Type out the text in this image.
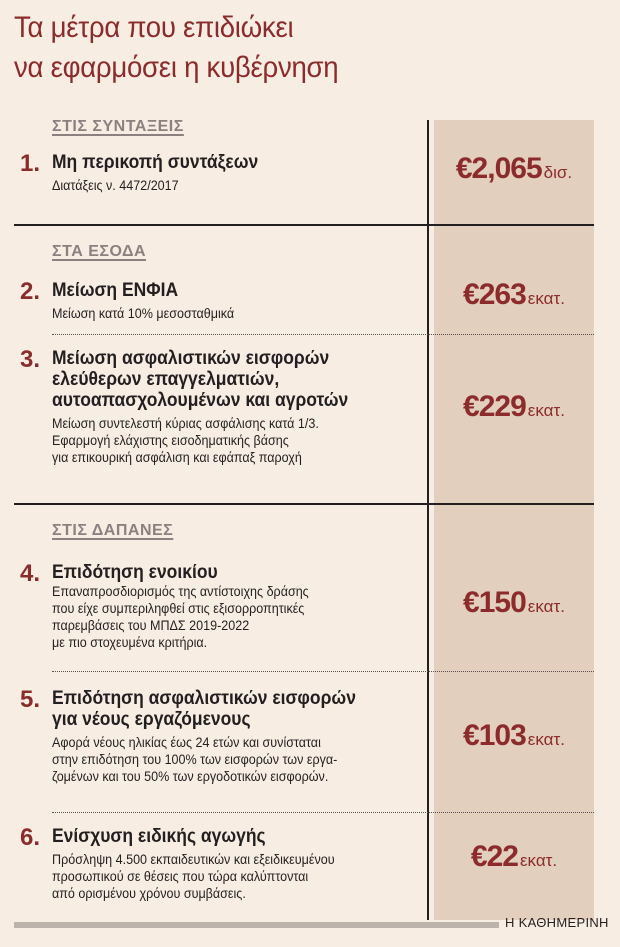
Τα μέτρα που επιδιώκει
να εφαρμόσει η κυβέρνηση
ΣΤΙΣ ΣΥΝΤΑΞΕΙΣ
ΣΤΑ ΕΣΟΔΑ
ΣΤΙΣ ΔΑΠΑΝΕΣ
1. Μη περικοπή συντάξεων
Διατάξεις ν. 4472/2017
€2,065 δισ.
2. Μείωση ΕΝΦΙΑ
Μείωση κατά 10% μεσοσταθμικά
€263 εκατ.
3. Μείωση ασφαλιστικών εισφορών
ελεύθερων επαγγελματιών,
αυτοαπασχολουμένων και αγροτών
Μείωση συντελεστή κύριας ασφάλισης κατά 1/3.
Εφαρμογή ελάχιστης εισοδηματικής βάσης
για επικουρική ασφάλιση και εφάπαξ παροχή
€229 εκατ.
4. Επιδότηση ενοικίου
Επαναπροσδιορισμός της αντίστοιχης δράσης
που είχε συμπεριληφθεί στις εξισορροπητικές
παρεμβάσεις του ΜΠΔΣ 2019-2022
με πιο στοχευμένα κριτήρια.
€150 εκατ.
5. Επιδότηση ασφαλιστικών εισφορών
για νέους εργαζόμενους
Αφορά νέους ηλικίας έως 24 ετών και συνίσταται
στην επιδότηση του 100% των εισφορών των εργα-
ζομένων και του 50% των εργοδοτικών εισφορών.
€103 εκατ.
6. Ενίσχυση ειδικής αγωγής
Πρόσληψη 4.500 εκπαιδευτικών και εξειδικευμένου
προσωπικού σε θέσεις που τώρα καλύπτονται
από ορισμένου χρόνου συμβάσεις.
€22 εκατ.
Η ΚΑΘΗΜΕΡΙΝΗ
